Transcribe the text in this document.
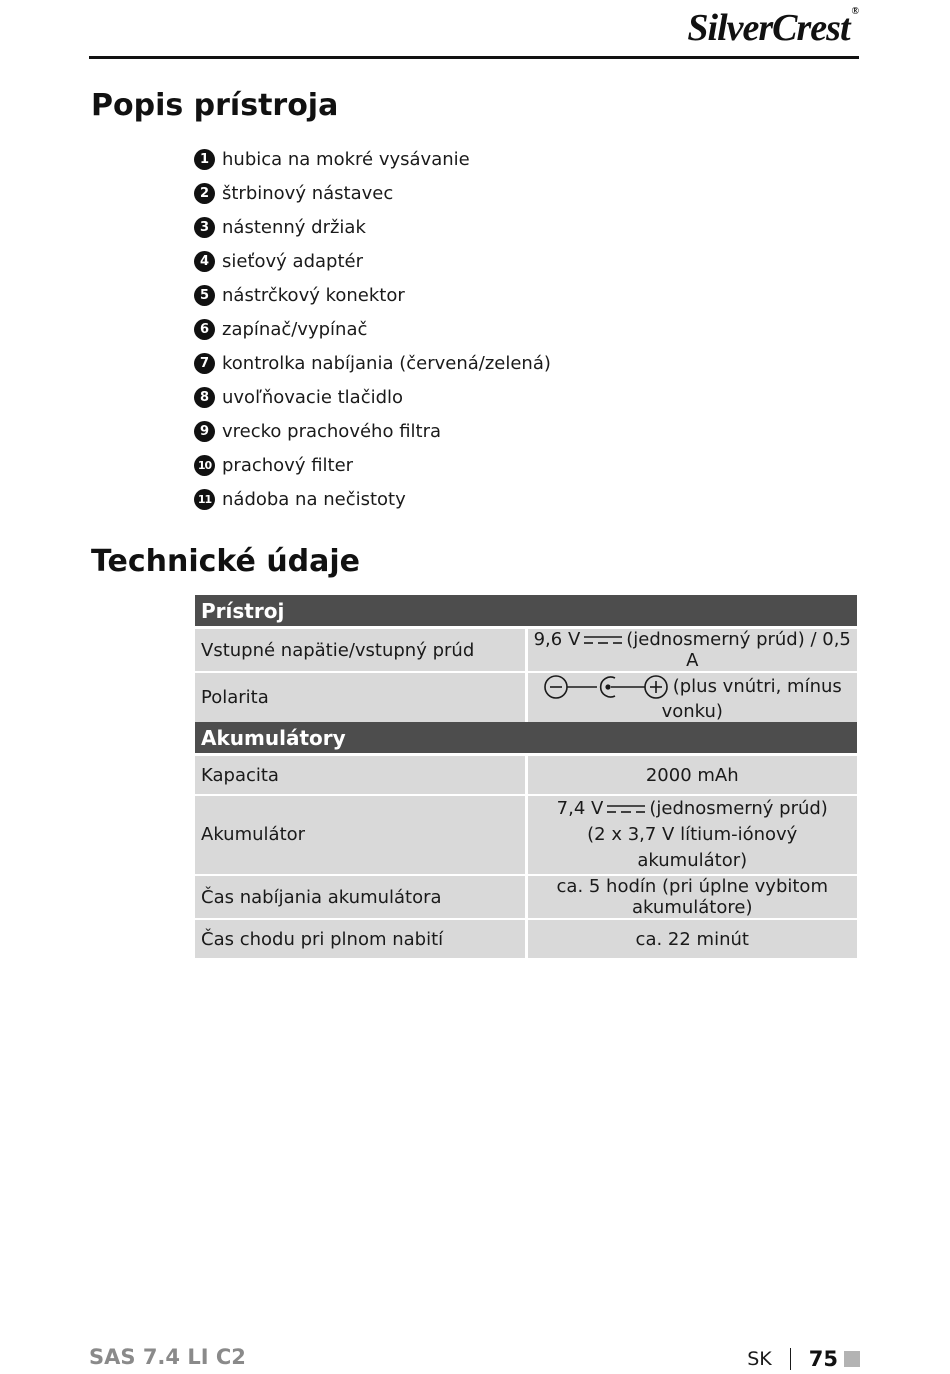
SilverCrest ®
Popis prístroja
1 hubica na mokré vysávanie
2 štrbinový nástavec
3 nástenný držiak
4 sieťový adaptér
5 nástrčkový konektor
6 zapínač/vypínač
7 kontrolka nabíjania (červená/zelená)
8 uvoľňovacie tlačidlo
9 vrecko prachového filtra
10 prachový filter
11 nádoba na nečistoty
Technické údaje
Prístroj	
Vstupné napätie/vstupný prúd	9,6 V (jednosmerný prúd) / 0,5 A
Polarita	(plus vnútri, mínus vonku)
Akumulátory	
Kapacita	2000 mAh
Akumulátor	7,4 V (jednosmerný prúd)
(2 x 3,7 V lítium-iónový akumulátor)

Čas nabíjania akumulátora	ca. 5 hodín (pri úplne vybitom akumulátore)
Čas chodu pri plnom nabití	ca. 22 minút
SAS 7.4 LI C2	SK 75
